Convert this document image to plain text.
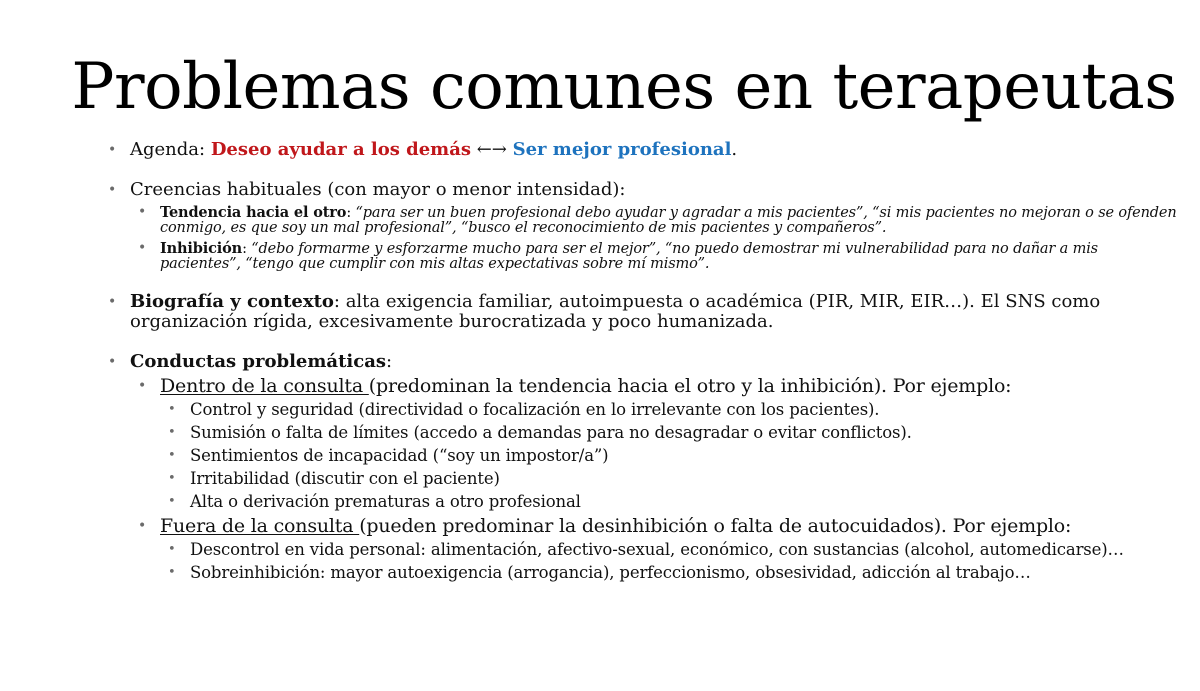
Problemas comunes en terapeutas
• Agenda: Deseo ayudar a los demás ←→ Ser mejor profesional.
• Creencias habituales (con mayor o menor intensidad):
• Tendencia hacia el otro: “para ser un buen profesional debo ayudar y agradar a mis pacientes”, “si mis pacientes no mejoran o se ofenden conmigo, es que soy un mal profesional”, “busco el reconocimiento de mis pacientes y compañeros”.
• Inhibición: “debo formarme y esforzarme mucho para ser el mejor”, “no puedo demostrar mi vulnerabilidad para no dañar a mis pacientes”, “tengo que cumplir con mis altas expectativas sobre mí mismo”.
• Biografía y contexto: alta exigencia familiar, autoimpuesta o académica (PIR, MIR, EIR…). El SNS como organización rígida, excesivamente burocratizada y poco humanizada.
• Conductas problemáticas:
• Dentro de la consulta (predominan la tendencia hacia el otro y la inhibición). Por ejemplo:
• Control y seguridad (directividad o focalización en lo irrelevante con los pacientes).
• Sumisión o falta de límites (accedo a demandas para no desagradar o evitar conflictos).
• Sentimientos de incapacidad (“soy un impostor/a”)
• Irritabilidad (discutir con el paciente)
• Alta o derivación prematuras a otro profesional
• Fuera de la consulta (pueden predominar la desinhibición o falta de autocuidados). Por ejemplo:
• Descontrol en vida personal: alimentación, afectivo-sexual, económico, con sustancias (alcohol, automedicarse)…
• Sobreinhibición: mayor autoexigencia (arrogancia), perfeccionismo, obsesividad, adicción al trabajo…
